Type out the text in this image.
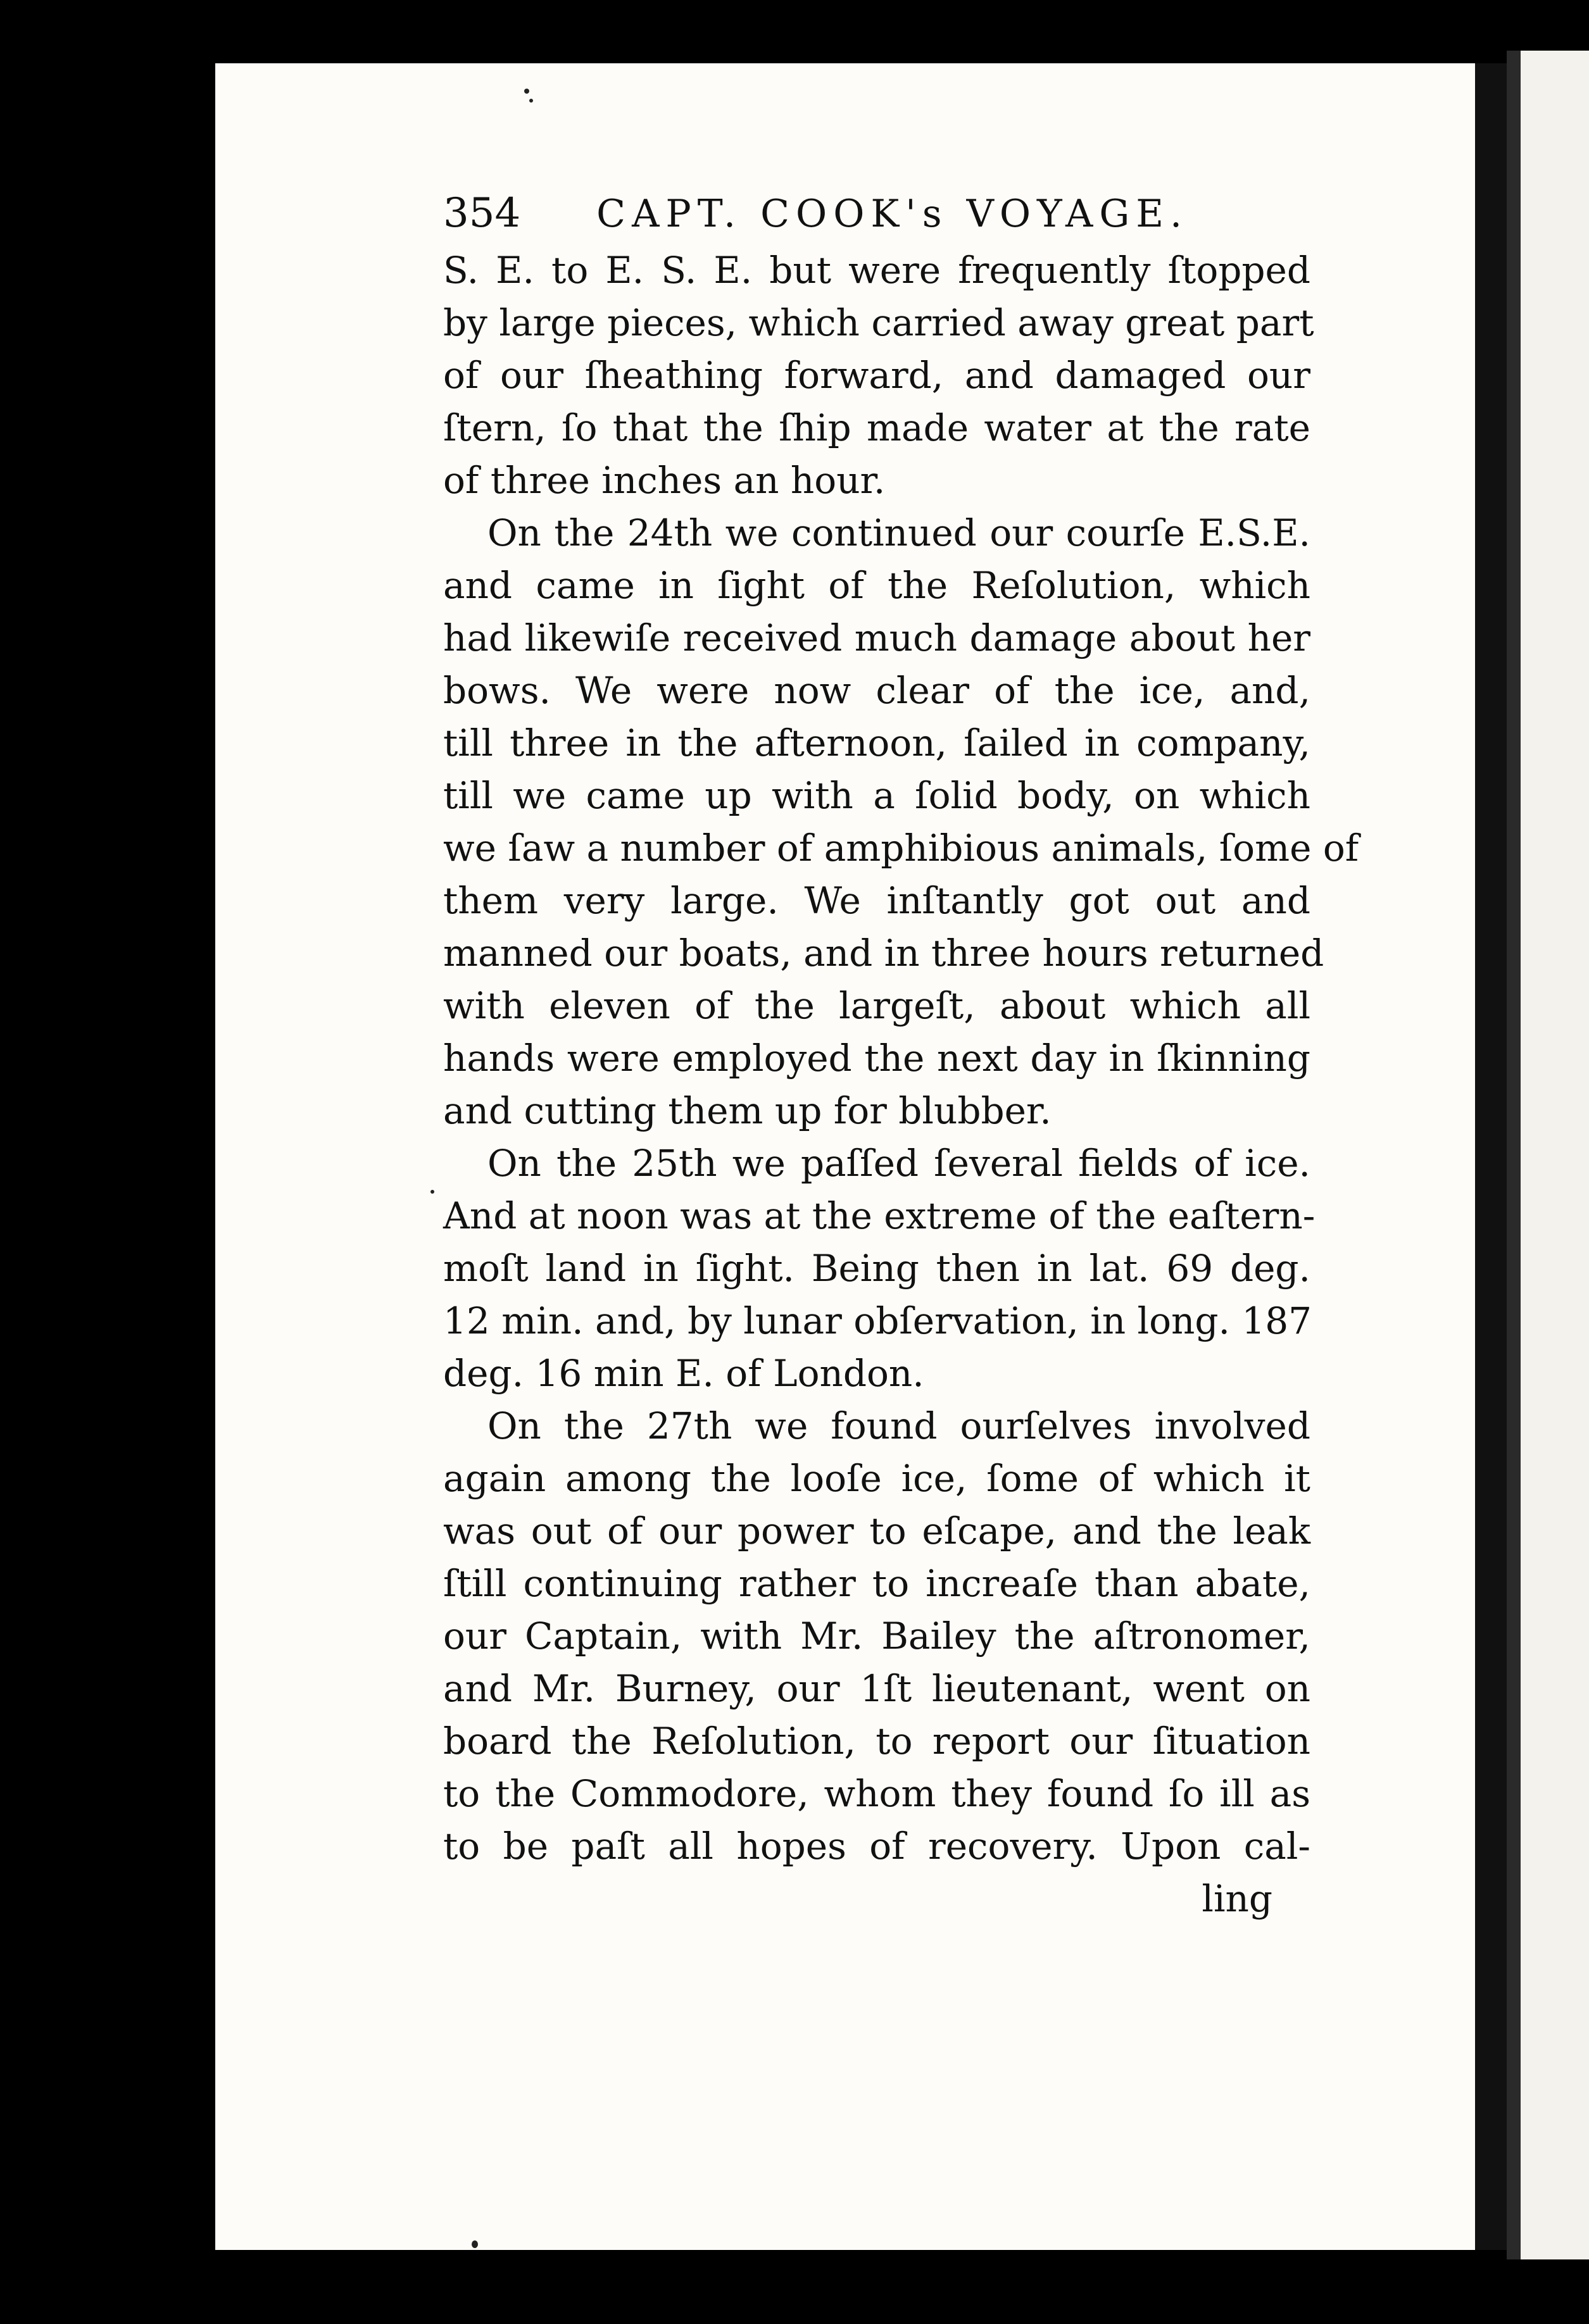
354 CAPT. COOK's VOYAGE.
S. E. to E. S. E. but were frequently ſtopped
by large pieces, which carried away great part
of our ſheathing forward, and damaged our
ſtern, ſo that the ſhip made water at the rate
of three inches an hour.
On the 24th we continued our courſe E.S.E.
and came in ſight of the Reſolution, which
had likewiſe received much damage about her
bows. We were now clear of the ice, and,
till three in the afternoon, ſailed in company,
till we came up with a ſolid body, on which
we ſaw a number of amphibious animals, ſome of
them very large. We inſtantly got out and
manned our boats, and in three hours returned
with eleven of the largeſt, about which all
hands were employed the next day in ſkinning
and cutting them up for blubber.
On the 25th we paſſed ſeveral fields of ice.
And at noon was at the extreme of the eaſtern-
moſt land in ſight. Being then in lat. 69 deg.
12 min. and, by lunar obſervation, in long. 187
deg. 16 min E. of London.
On the 27th we found ourſelves involved
again among the looſe ice, ſome of which it
was out of our power to eſcape, and the leak
ſtill continuing rather to increaſe than abate,
our Captain, with Mr. Bailey the aſtronomer,
and Mr. Burney, our 1ſt lieutenant, went on
board the Reſolution, to report our ſituation
to the Commodore, whom they found ſo ill as
to be paſt all hopes of recovery. Upon cal-
ling
